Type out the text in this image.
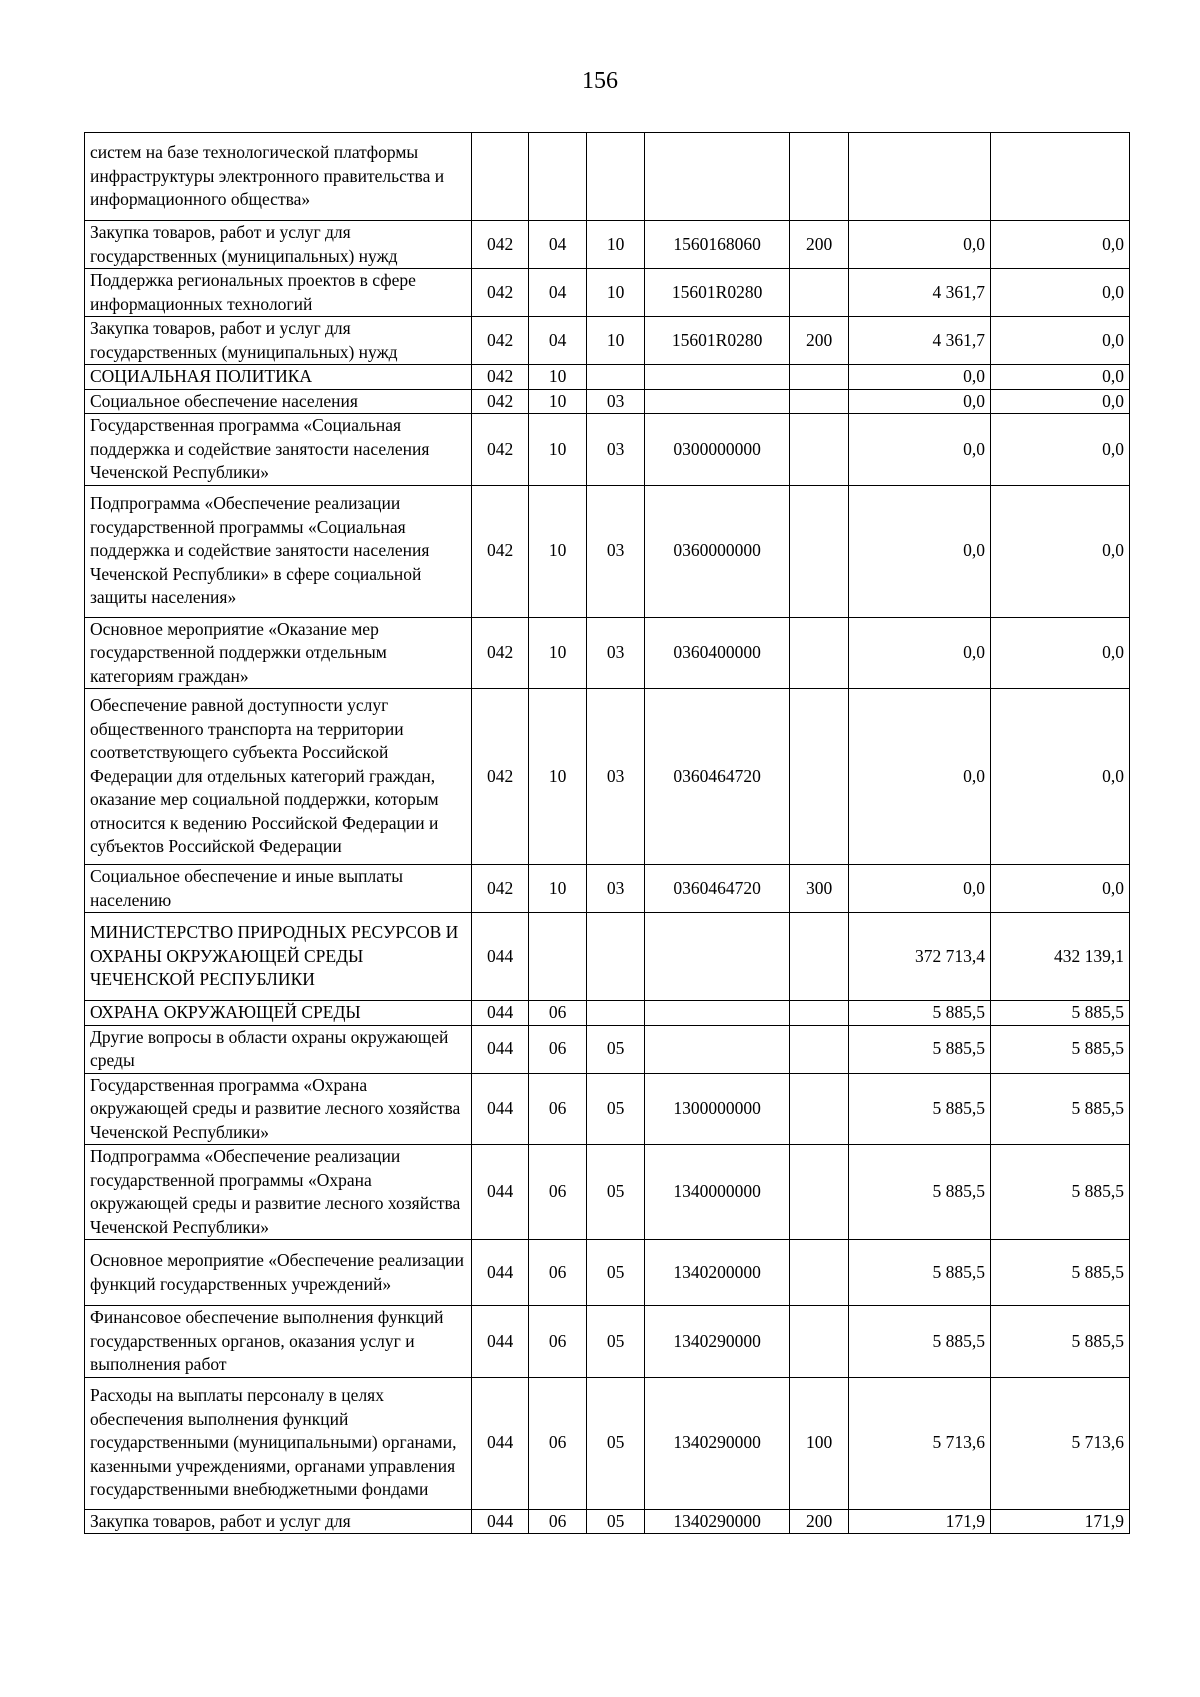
156
систем на базе технологической платформы инфраструктуры электронного правительства и информационного общества»							
Закупка товаров, работ и услуг для государственных (муниципальных) нужд	042	04	10	1560168060	200	0,0	0,0
Поддержка региональных проектов в сфере информационных технологий	042	04	10	15601R0280		4 361,7	0,0
Закупка товаров, работ и услуг для государственных (муниципальных) нужд	042	04	10	15601R0280	200	4 361,7	0,0
СОЦИАЛЬНАЯ ПОЛИТИКА	042	10				0,0	0,0
Социальное обеспечение населения	042	10	03			0,0	0,0
Государственная программа «Социальная поддержка и содействие занятости населения Чеченской Республики»	042	10	03	0300000000		0,0	0,0
Подпрограмма «Обеспечение реализации государственной программы «Социальная поддержка и содействие занятости населения Чеченской Республики» в сфере социальной защиты населения»	042	10	03	0360000000		0,0	0,0
Основное мероприятие «Оказание мер государственной поддержки отдельным категориям граждан»	042	10	03	0360400000		0,0	0,0
Обеспечение равной доступности услуг общественного транспорта на территории соответствующего субъекта Российской Федерации для отдельных категорий граждан, оказание мер социальной поддержки, которым относится к ведению Российской Федерации и субъектов Российской Федерации	042	10	03	0360464720		0,0	0,0
Социальное обеспечение и иные выплаты населению	042	10	03	0360464720	300	0,0	0,0
МИНИСТЕРСТВО ПРИРОДНЫХ РЕСУРСОВ И ОХРАНЫ ОКРУЖАЮЩЕЙ СРЕДЫ ЧЕЧЕНСКОЙ РЕСПУБЛИКИ	044					372 713,4	432 139,1
ОХРАНА ОКРУЖАЮЩЕЙ СРЕДЫ	044	06				5 885,5	5 885,5
Другие вопросы в области охраны окружающей среды	044	06	05			5 885,5	5 885,5
Государственная программа «Охрана окружающей среды и развитие лесного хозяйства Чеченской Республики»	044	06	05	1300000000		5 885,5	5 885,5
Подпрограмма «Обеспечение реализации государственной программы «Охрана окружающей среды и развитие лесного хозяйства Чеченской Республики»	044	06	05	1340000000		5 885,5	5 885,5
Основное мероприятие «Обеспечение реализации функций государственных учреждений»	044	06	05	1340200000		5 885,5	5 885,5
Финансовое обеспечение выполнения функций государственных органов, оказания услуг и выполнения работ	044	06	05	1340290000		5 885,5	5 885,5
Расходы на выплаты персоналу в целях обеспечения выполнения функций государственными (муниципальными) органами, казенными учреждениями, органами управления государственными внебюджетными фондами	044	06	05	1340290000	100	5 713,6	5 713,6
Закупка товаров, работ и услуг для	044	06	05	1340290000	200	171,9	171,9
